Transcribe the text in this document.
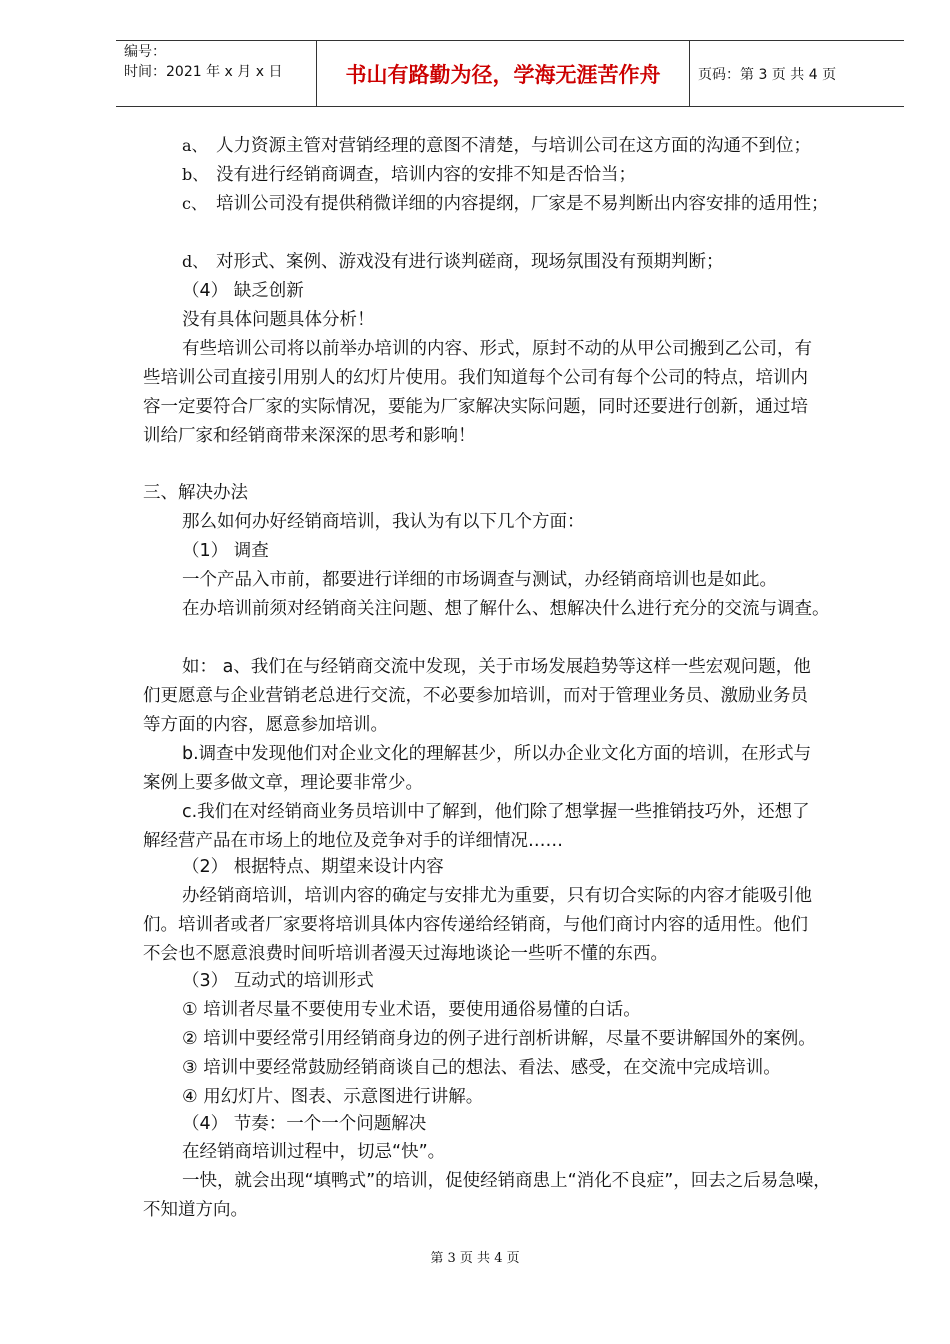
编号：
时间：2021 年 x 月 x 日	书山有路勤为径，学海无涯苦作舟	页码：第 3 页 共 4 页
a、 人力资源主管对营销经理的意图不清楚，与培训公司在这方面的沟通不到位；
b、 没有进行经销商调查，培训内容的安排不知是否恰当；
c、 培训公司没有提供稍微详细的内容提纲，厂家是不易判断出内容安排的适用性；
d、 对形式、案例、游戏没有进行谈判磋商，现场氛围没有预期判断；
（4） 缺乏创新
没有具体问题具体分析！
有些培训公司将以前举办培训的内容、形式，原封不动的从甲公司搬到乙公司，有
些培训公司直接引用别人的幻灯片使用。我们知道每个公司有每个公司的特点，培训内
容一定要符合厂家的实际情况，要能为厂家解决实际问题，同时还要进行创新，通过培
训给厂家和经销商带来深深的思考和影响！
三、解决办法
那么如何办好经销商培训，我认为有以下几个方面：
（1） 调查
一个产品入市前，都要进行详细的市场调查与测试，办经销商培训也是如此。
在办培训前须对经销商关注问题、想了解什么、想解决什么进行充分的交流与调查。
如： a、我们在与经销商交流中发现，关于市场发展趋势等这样一些宏观问题，他
们更愿意与企业营销老总进行交流，不必要参加培训，而对于管理业务员、激励业务员
等方面的内容，愿意参加培训。
b.调查中发现他们对企业文化的理解甚少，所以办企业文化方面的培训，在形式与
案例上要多做文章，理论要非常少。
c.我们在对经销商业务员培训中了解到，他们除了想掌握一些推销技巧外，还想了
解经营产品在市场上的地位及竞争对手的详细情况……
（2） 根据特点、期望来设计内容
办经销商培训，培训内容的确定与安排尤为重要，只有切合实际的内容才能吸引他
们。培训者或者厂家要将培训具体内容传递给经销商，与他们商讨内容的适用性。他们
不会也不愿意浪费时间听培训者漫天过海地谈论一些听不懂的东西。
（3） 互动式的培训形式
① 培训者尽量不要使用专业术语，要使用通俗易懂的白话。
② 培训中要经常引用经销商身边的例子进行剖析讲解，尽量不要讲解国外的案例。
③ 培训中要经常鼓励经销商谈自己的想法、看法、感受，在交流中完成培训。
④ 用幻灯片、图表、示意图进行讲解。
（4） 节奏：一个一个问题解决
在经销商培训过程中，切忌“快”。
一快，就会出现“填鸭式”的培训，促使经销商患上“消化不良症”，回去之后易急噪，
不知道方向。
第 3 页 共 4 页
